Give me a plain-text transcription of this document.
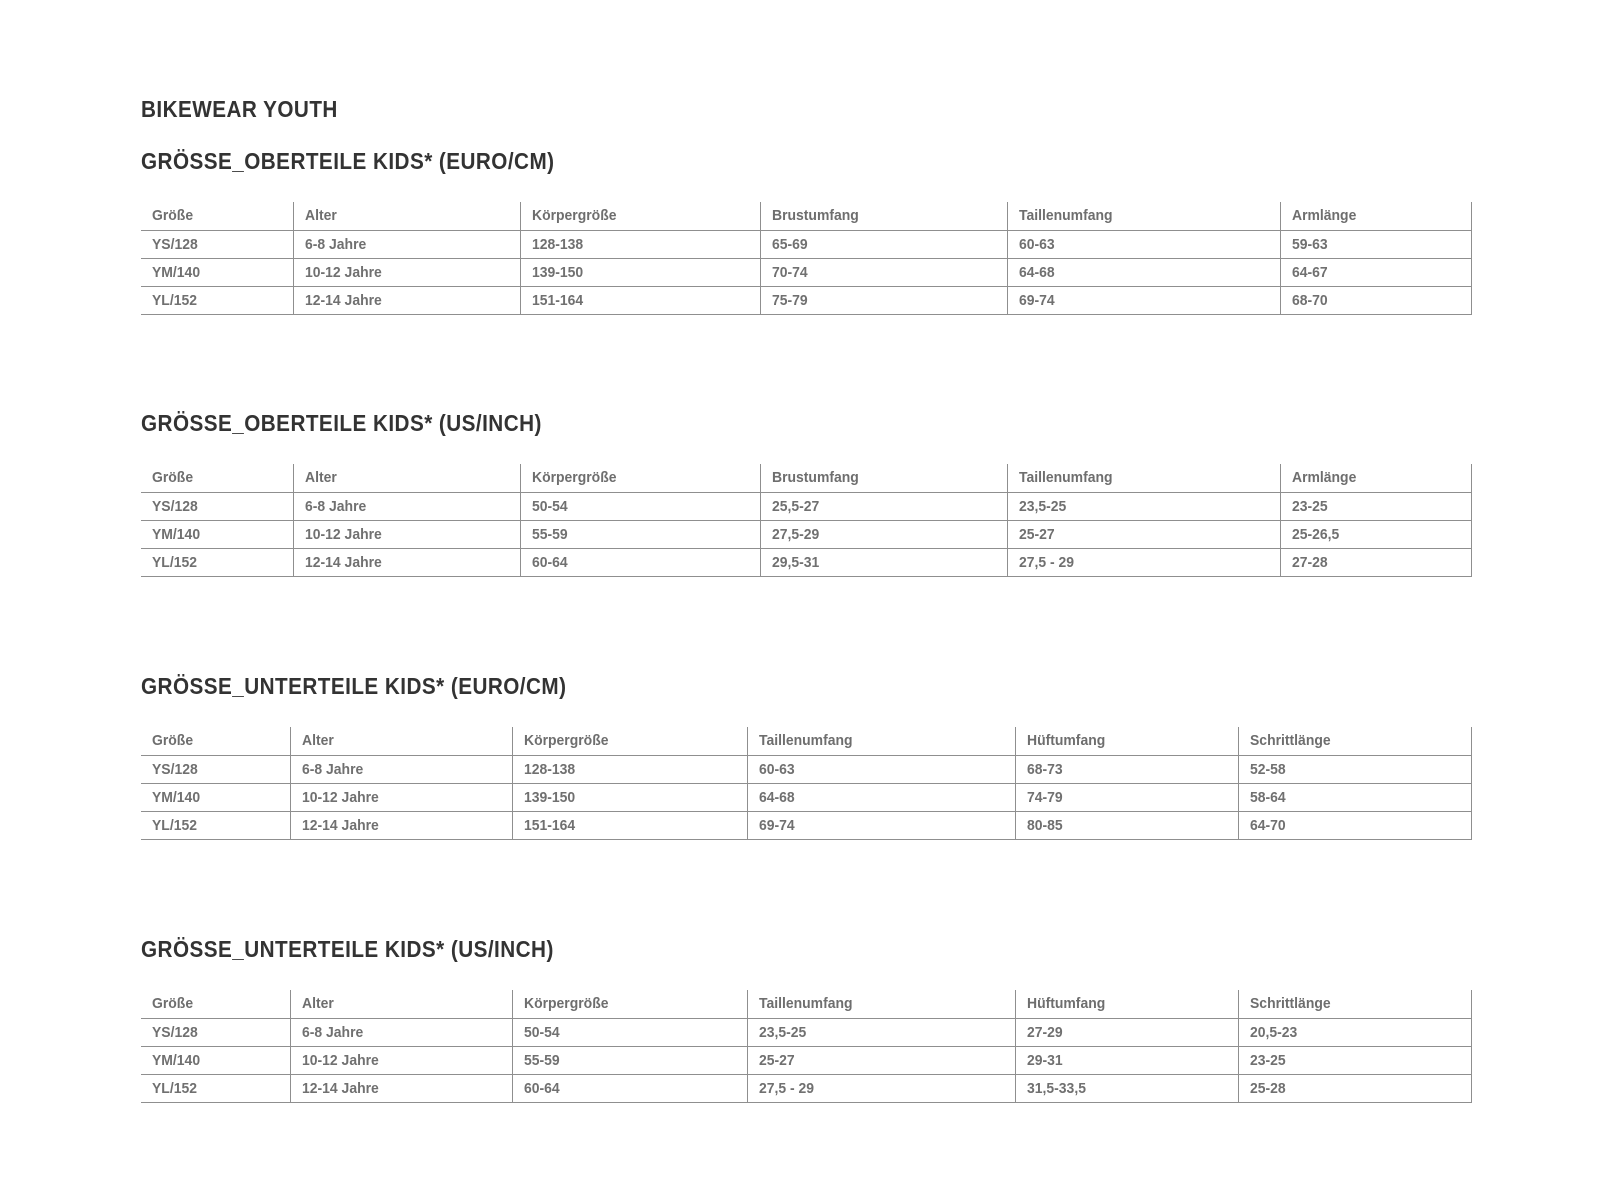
BIKEWEAR YOUTH
GRÖSSE_OBERTEILE KIDS* (EURO/CM)
Größe	Alter	Körpergröße	Brustumfang	Taillenumfang	Armlänge
YS/128	6-8 Jahre	128-138	65-69	60-63	59-63
YM/140	10-12 Jahre	139-150	70-74	64-68	64-67
YL/152	12-14 Jahre	151-164	75-79	69-74	68-70
GRÖSSE_OBERTEILE KIDS* (US/INCH)
Größe	Alter	Körpergröße	Brustumfang	Taillenumfang	Armlänge
YS/128	6-8 Jahre	50-54	25,5-27	23,5-25	23-25
YM/140	10-12 Jahre	55-59	27,5-29	25-27	25-26,5
YL/152	12-14 Jahre	60-64	29,5-31	27,5 - 29	27-28
GRÖSSE_UNTERTEILE KIDS* (EURO/CM)
Größe	Alter	Körpergröße	Taillenumfang	Hüftumfang	Schrittlänge
YS/128	6-8 Jahre	128-138	60-63	68-73	52-58
YM/140	10-12 Jahre	139-150	64-68	74-79	58-64
YL/152	12-14 Jahre	151-164	69-74	80-85	64-70
GRÖSSE_UNTERTEILE KIDS* (US/INCH)
Größe	Alter	Körpergröße	Taillenumfang	Hüftumfang	Schrittlänge
YS/128	6-8 Jahre	50-54	23,5-25	27-29	20,5-23
YM/140	10-12 Jahre	55-59	25-27	29-31	23-25
YL/152	12-14 Jahre	60-64	27,5 - 29	31,5-33,5	25-28
